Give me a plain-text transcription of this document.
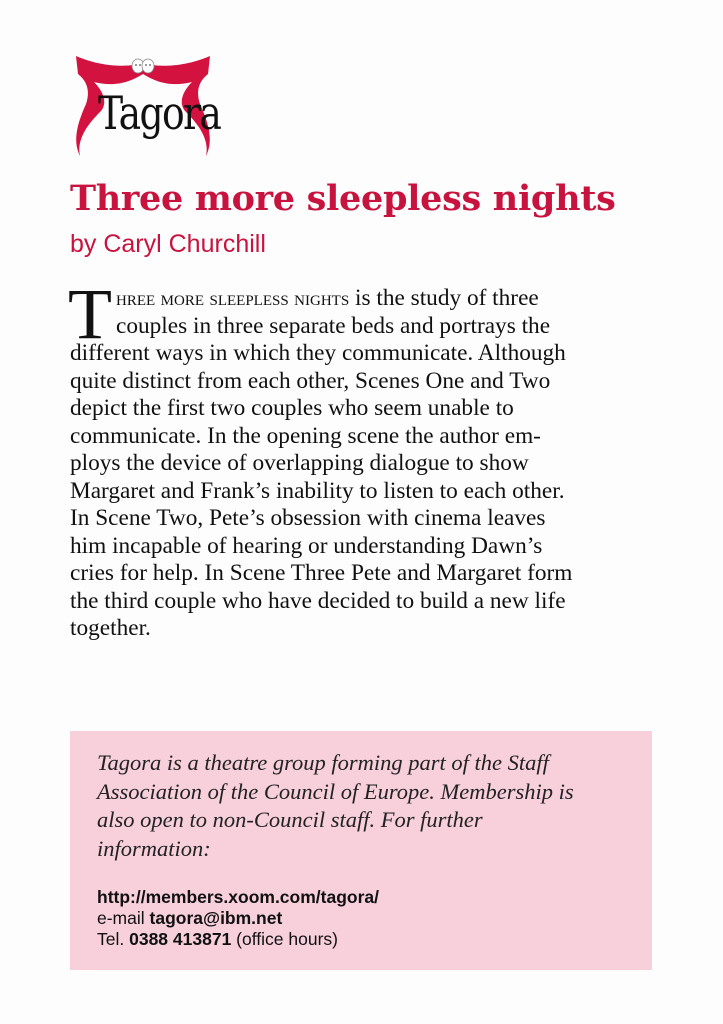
Tagora
Three more sleepless nights
by Caryl Churchill
T hree more sleepless nights is the study of three
couples in three separate beds and portrays the
different ways in which they communicate. Although
quite distinct from each other, Scenes One and Two
depict the first two couples who seem unable to
communicate. In the opening scene the author em-
ploys the device of overlapping dialogue to show
Margaret and Frank’s inability to listen to each other.
In Scene Two, Pete’s obsession with cinema leaves
him incapable of hearing or understanding Dawn’s
cries for help. In Scene Three Pete and Margaret form
the third couple who have decided to build a new life
together.
Tagora is a theatre group forming part of the Staff
Association of the Council of Europe. Membership is
also open to non-Council staff. For further
information:
http://members.xoom.com/tagora/
e-mail tagora@ibm.net
Tel. 0388 413871 (office hours)
